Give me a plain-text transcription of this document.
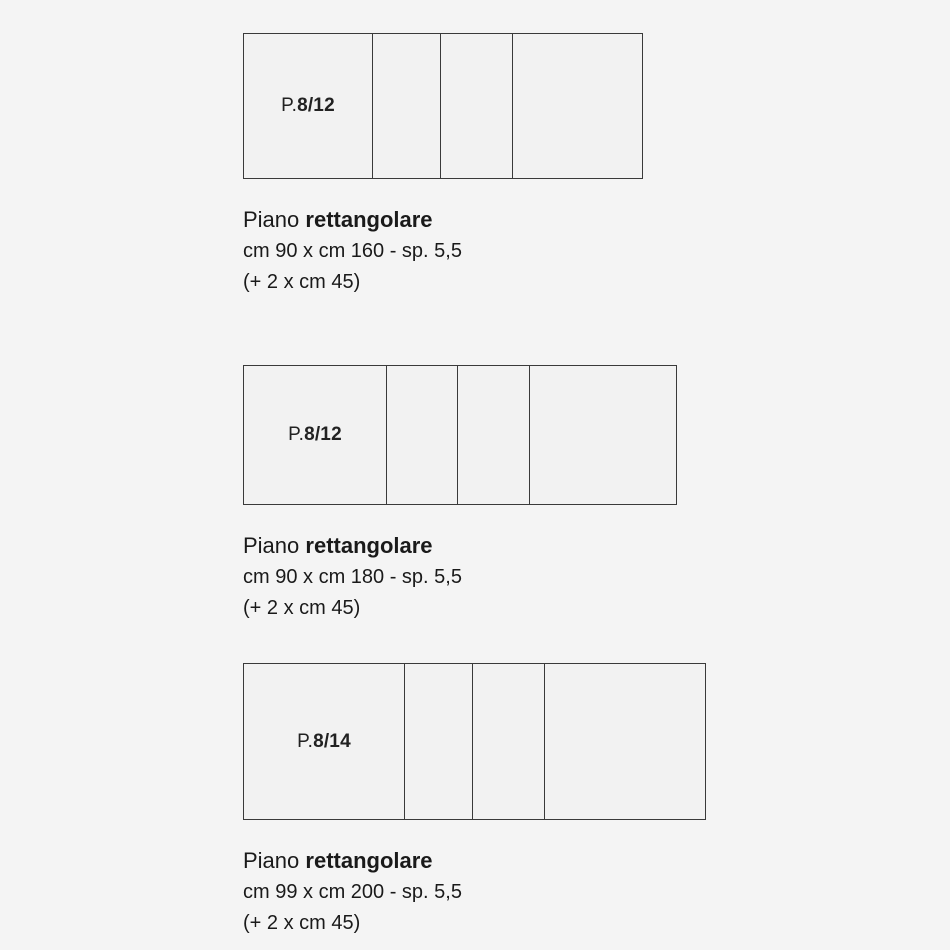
P.8/12
Piano rettangolare
cm 90 x cm 160 - sp. 5,5
(+ 2 x cm 45)
P.8/12
Piano rettangolare
cm 90 x cm 180 - sp. 5,5
(+ 2 x cm 45)
P.8/14
Piano rettangolare
cm 99 x cm 200 - sp. 5,5
(+ 2 x cm 45)
